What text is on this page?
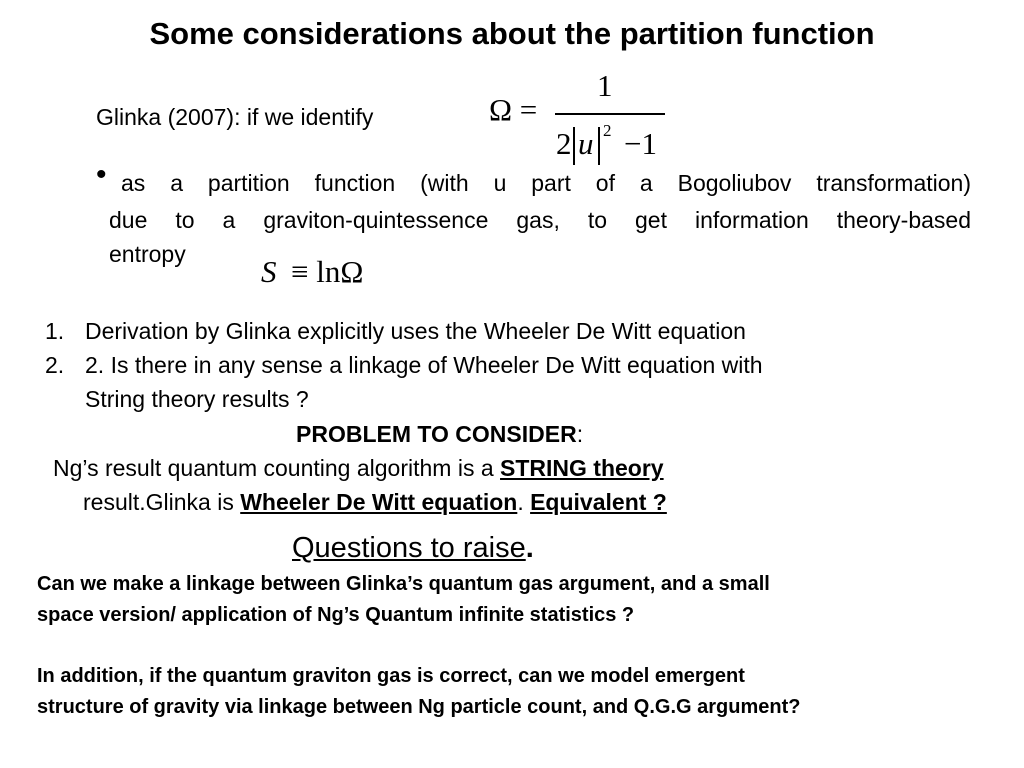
Some considerations about the partition function
Glinka (2007): if we identify	Ω =
1
2 u 2 −1
• as a partition function (with u part of a Bogoliubov transformation)
due to a graviton-quintessence gas, to get information theory-based
entropy S ≡ lnΩ
1. Derivation by Glinka explicitly uses the Wheeler De Witt equation
2. 2. Is there in any sense a linkage of Wheeler De Witt equation with
String theory results ?
PROBLEM TO CONSIDER:
Ng’s result quantum counting algorithm is a STRING theory
result.Glinka is Wheeler De Witt equation. Equivalent ?
Questions to raise.
Can we make a linkage between Glinka’s quantum gas argument, and a small
space version/ application of Ng’s Quantum infinite statistics ?
In addition, if the quantum graviton gas is correct, can we model emergent
structure of gravity via linkage between Ng particle count, and Q.G.G argument?
